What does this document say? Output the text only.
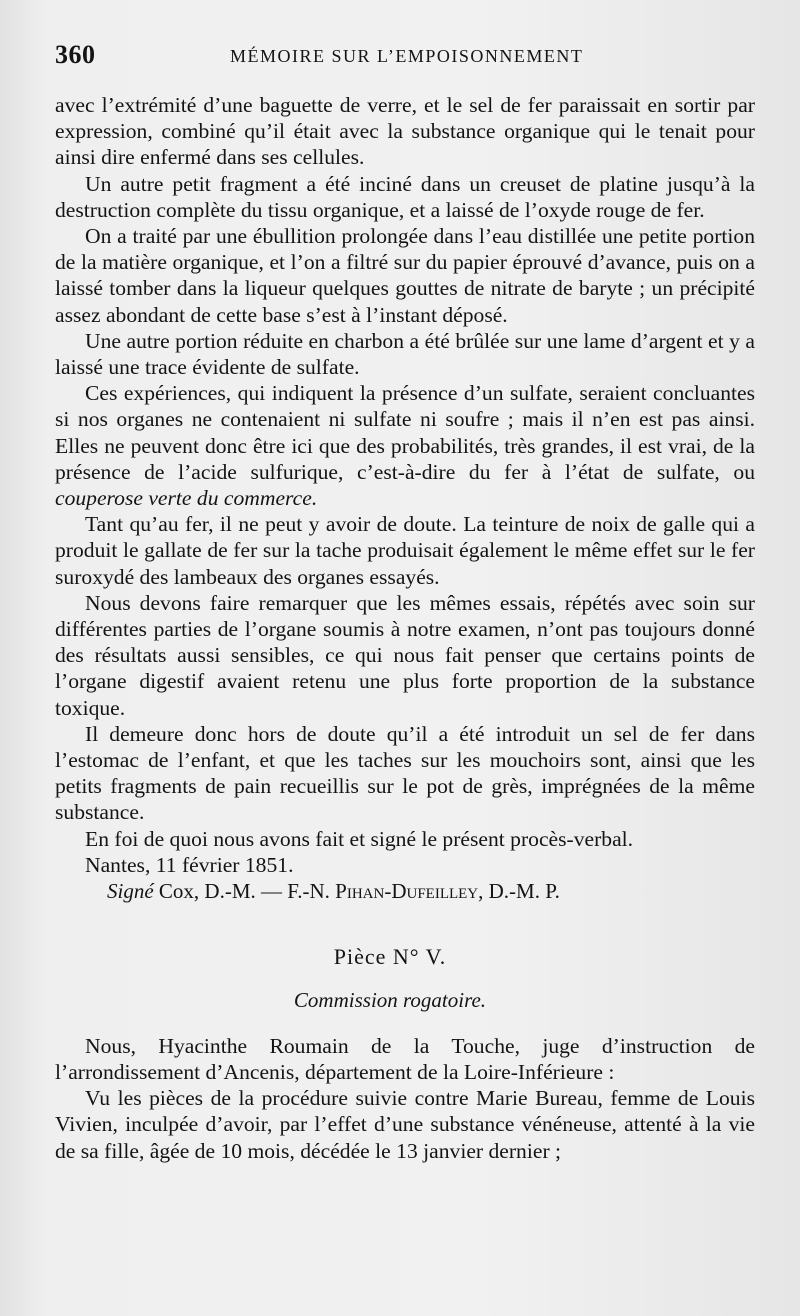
360	MÉMOIRE SUR L’EMPOISONNEMENT

avec l’extrémité d’une baguette de verre, et le sel de fer paraissait en sortir par expression, combiné qu’il était avec la substance organique qui le tenait pour ainsi dire enfermé dans ses cellules.

Un autre petit fragment a été inciné dans un creuset de platine jusqu’à la destruction complète du tissu organique, et a laissé de l’oxyde rouge de fer.

On a traité par une ébullition prolongée dans l’eau distillée une petite portion de la matière organique, et l’on a filtré sur du papier éprouvé d’avance, puis on a laissé tomber dans la liqueur quelques gouttes de nitrate de baryte ; un précipité assez abondant de cette base s’est à l’instant déposé.

Une autre portion réduite en charbon a été brûlée sur une lame d’argent et y a laissé une trace évidente de sulfate.

Ces expériences, qui indiquent la présence d’un sulfate, seraient concluantes si nos organes ne contenaient ni sulfate ni soufre ; mais il n’en est pas ainsi. Elles ne peuvent donc être ici que des probabilités, très grandes, il est vrai, de la présence de l’acide sulfurique, c’est-à-dire du fer à l’état de sulfate, ou couperose verte du commerce.

Tant qu’au fer, il ne peut y avoir de doute. La teinture de noix de galle qui a produit le gallate de fer sur la tache produisait également le même effet sur le fer suroxydé des lambeaux des organes essayés.

Nous devons faire remarquer que les mêmes essais, répétés avec soin sur différentes parties de l’organe soumis à notre examen, n’ont pas toujours donné des résultats aussi sensibles, ce qui nous fait penser que certains points de l’organe digestif avaient retenu une plus forte proportion de la substance toxique.

Il demeure donc hors de doute qu’il a été introduit un sel de fer dans l’estomac de l’enfant, et que les taches sur les mouchoirs sont, ainsi que les petits fragments de pain recueillis sur le pot de grès, imprégnées de la même substance.

En foi de quoi nous avons fait et signé le présent procès-verbal.

Nantes, 11 février 1851.

Signé Cox, D.-M. — F.-N. Pihan-Dufeilley, D.-M. P.

Pièce N° V.
Commission rogatoire.

Nous, Hyacinthe Roumain de la Touche, juge d’instruction de l’arrondissement d’Ancenis, département de la Loire-Inférieure :

Vu les pièces de la procédure suivie contre Marie Bureau, femme de Louis Vivien, inculpée d’avoir, par l’effet d’une substance vénéneuse, attenté à la vie de sa fille, âgée de 10 mois, décédée le 13 janvier dernier ;
